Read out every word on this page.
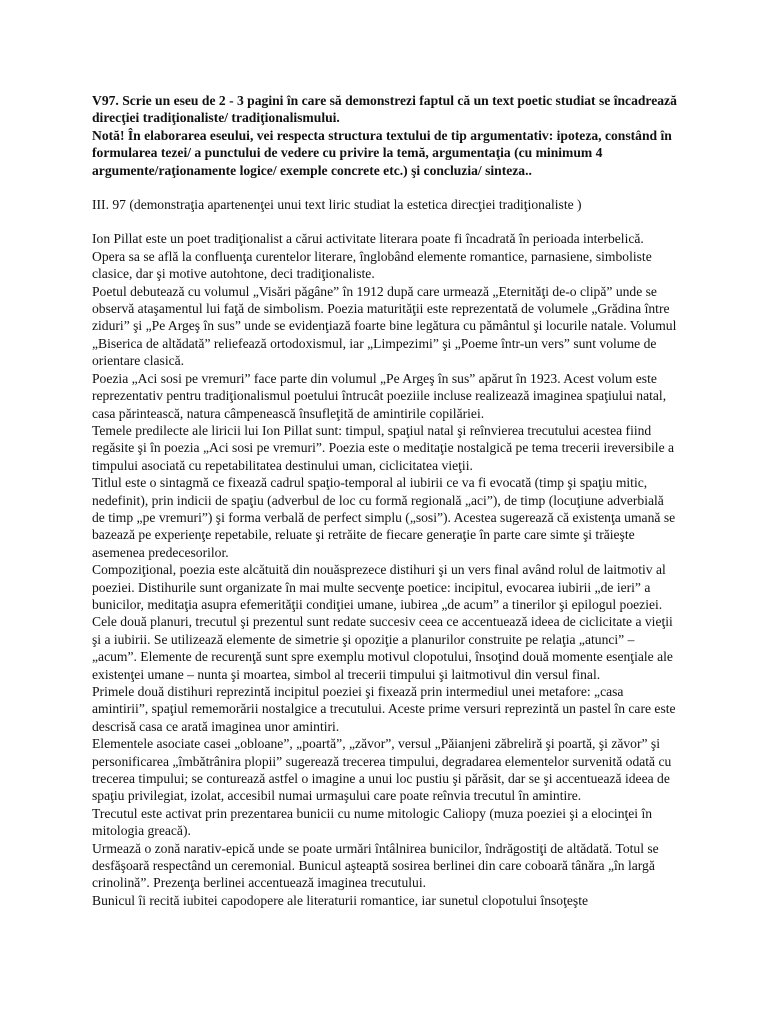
V97. Scrie un eseu de 2 - 3 pagini în care să demonstrezi faptul că un text poetic studiat se încadrează direcţiei tradiţionaliste/ tradiţionalismului.

Notă! În elaborarea eseului, vei respecta structura textului de tip argumentativ: ipoteza, constând în formularea tezei/ a punctului de vedere cu privire la temă, argumentaţia (cu minimum 4 argumente/raţionamente logice/ exemple concrete etc.) şi concluzia/ sinteza..

III. 97 (demonstraţia apartenenţei unui text liric studiat la estetica direcţiei tradiţionaliste )

Ion Pillat este un poet tradiţionalist a cărui activitate literara poate fi încadrată în perioada interbelică. Opera sa se află la confluenţa curentelor literare, înglobând elemente romantice, parnasiene, simboliste clasice, dar şi motive autohtone, deci tradiţionaliste.

Poetul debutează cu volumul „Visări păgâne” în 1912 după care urmează „Eternităţi de-o clipă” unde se observă ataşamentul lui faţă de simbolism. Poezia maturităţii este reprezentată de volumele „Grădina între ziduri” şi „Pe Argeş în sus” unde se evidenţiază foarte bine legătura cu pământul şi locurile natale. Volumul „Biserica de altădată” reliefează ortodoxismul, iar „Limpezimi” şi „Poeme într-un vers” sunt volume de orientare clasică.

Poezia „Aci sosi pe vremuri” face parte din volumul „Pe Argeş în sus” apărut în 1923. Acest volum este reprezentativ pentru tradiţionalismul poetului întrucât poeziile incluse realizează imaginea spaţiului natal, casa părintească, natura câmpenească însufleţită de amintirile copilăriei.

Temele predilecte ale liricii lui Ion Pillat sunt: timpul, spaţiul natal şi reînvierea trecutului acestea fiind regăsite şi în poezia „Aci sosi pe vremuri”. Poezia este o meditaţie nostalgică pe tema trecerii ireversibile a timpului asociată cu repetabilitatea destinului uman, ciclicitatea vieţii.

Titlul este o sintagmă ce fixează cadrul spaţio-temporal al iubirii ce va fi evocată (timp şi spaţiu mitic, nedefinit), prin indicii de spaţiu (adverbul de loc cu formă regională „aci”), de timp (locuţiune adverbială de timp „pe vremuri”) şi forma verbală de perfect simplu („sosi”). Acestea sugerează că existenţa umană se bazează pe experienţe repetabile, reluate şi retrăite de fiecare generaţie în parte care simte şi trăieşte asemenea predecesorilor.

Compoziţional, poezia este alcătuită din nouăsprezece distihuri şi un vers final având rolul de laitmotiv al poeziei. Distihurile sunt organizate în mai multe secvenţe poetice: incipitul, evocarea iubirii „de ieri” a bunicilor, meditaţia asupra efemerităţii condiţiei umane, iubirea „de acum” a tinerilor şi epilogul poeziei. Cele două planuri, trecutul şi prezentul sunt redate succesiv ceea ce accentuează ideea de ciclicitate a vieţii şi a iubirii. Se utilizează elemente de simetrie şi opoziţie a planurilor construite pe relaţia „atunci” – „acum”. Elemente de recurenţă sunt spre exemplu motivul clopotului, însoţind două momente esenţiale ale existenţei umane – nunta şi moartea, simbol al trecerii timpului şi laitmotivul din versul final.

Primele două distihuri reprezintă incipitul poeziei şi fixează prin intermediul unei metafore: „casa amintirii”, spaţiul rememorării nostalgice a trecutului. Aceste prime versuri reprezintă un pastel în care este descrisă casa ce arată imaginea unor amintiri.

Elementele asociate casei „obloane”, „poartă”, „zăvor”, versul „Păianjeni zăbreliră şi poartă, şi zăvor” şi personificarea „îmbătrânira plopii” sugerează trecerea timpului, degradarea elementelor survenită odată cu trecerea timpului; se conturează astfel o imagine a unui loc pustiu şi părăsit, dar se şi accentuează ideea de spaţiu privilegiat, izolat, accesibil numai urmaşului care poate reînvia trecutul în amintire.

Trecutul este activat prin prezentarea bunicii cu nume mitologic Caliopy (muza poeziei şi a elocinţei în mitologia greacă).

Urmează o zonă narativ-epică unde se poate urmări întâlnirea bunicilor, îndrăgostiţi de altădată. Totul se desfăşoară respectând un ceremonial. Bunicul aşteaptă sosirea berlinei din care coboară tânăra „în largă crinolină”. Prezenţa berlinei accentuează imaginea trecutului.

Bunicul îi recită iubitei capodopere ale literaturii romantice, iar sunetul clopotului însoţeşte
